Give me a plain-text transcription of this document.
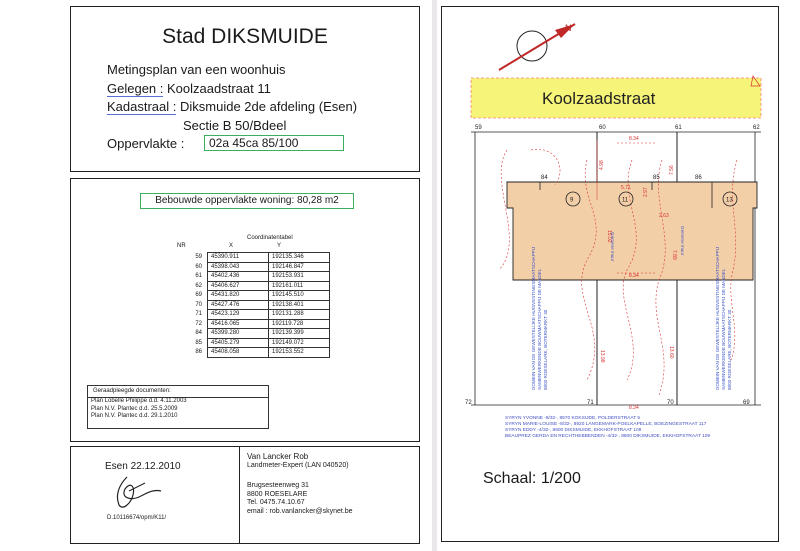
Stad DIKSMUIDE
Metingsplan van een woonhuis
Gelegen : Koolzaadstraat 11
Kadastraal : Diksmuide 2de afdeling (Esen)
Sectie B 50/Bdeel
Oppervlakte :	02a 45ca 85/100
Bebouwde oppervlakte woning: 80,28 m2
Coordinatentabel
NR	X	Y
59	45390.911	192135.346
60	45398.043	192146.847
61	45402.436	192153.931
62	45406.627	192161.011
69	45431.820	192145.510
70	45427.476	192138.401
71	45423.129	192131.288
72	45416.065	192119.728
84	45399.280	192139.399
85	45405.279	192149.072
86	45408.058	192153.552
Geraadpleegde documenten:
Plan Lobelle Philippe d.d. 4.11.2003
Plan N.V. Plantec d.d. 25.5.2009
Plan N.V. Plantec d.d. 29.1.2010
Esen 22.12.2010
D.10116674/opm/K11/
Van Lancker Rob
Landmeter-Expert (LAN 040520)
Brugsesteenweg 31
8800 ROESELARE
Tel. 0475.74.10.67
email : rob.vanlancker@skynet.be
N
Koolzaadstraat
59	60	61	62
84	85	86
72	71	70	69
9	11	13
8.34
4.98
7.56
5.71 2.97
2.63
15.02
7.89
8.34
13.98	13.60
8.34
Gemene muur	Gemene muur
DOMEIN VAN DE GEWESTELIJKE HUISVESTINGSMAATSCHAPPIJ SAMENWERKENDE BOUWMAATSCHAPPIJ DE MANDEL 8800 ROESELARE, BOTERMARKT 30	DOMEIN VAN DE GEWESTELIJKE HUISVESTINGSMAATSCHAPPIJ SAMENWERKENDE BOUWMAATSCHAPPIJ DE MANDEL 8800 ROESELARE, BOTERMARKT 30
SYRYN YVONNE -8/32-, 8670 KOKSIJDE, POLDERSTRAAT 5
SYRYN MARIE-LOUISE -8/32-, 8920 LANGEMARK-POELKAPELLE, BOEZINGESTRAAT 117
SYRYN EDDY -4/32-, 8600 DIKSMUIDE, EKKHOFSTRAAT 109
BEAUPREZ GERDA EN RECHTHEBBENDEN -4/32-, 8600 DIKSMUIDE, EKKHOFSTRAAT 109
Schaal: 1/200
